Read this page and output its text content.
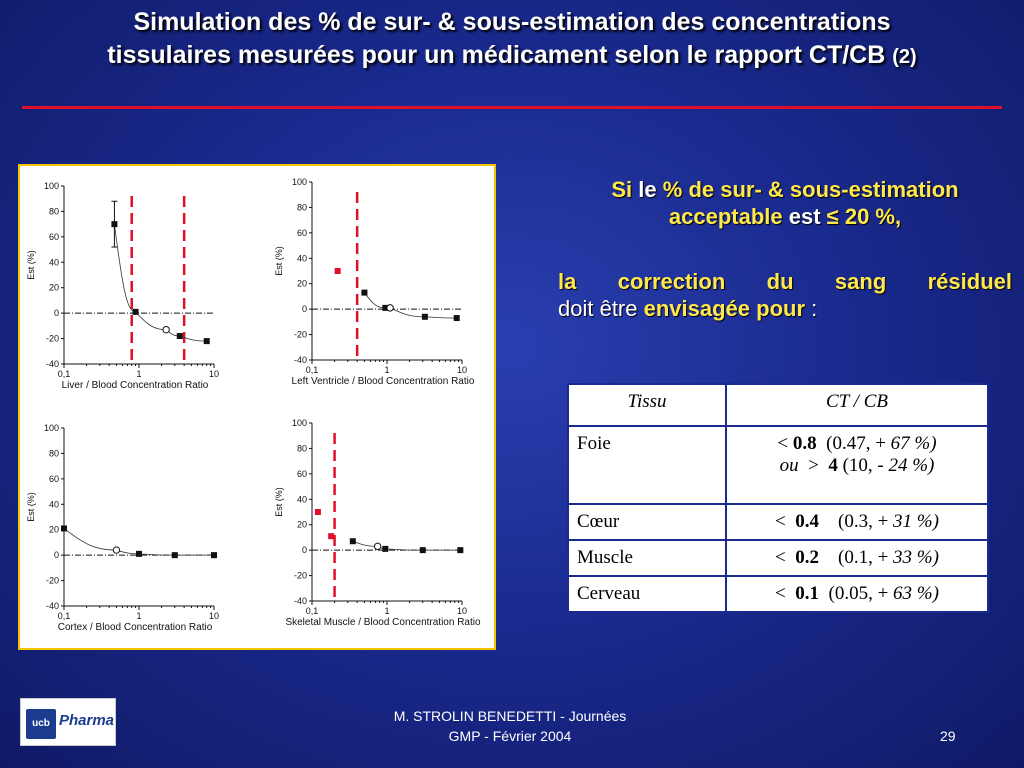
Simulation des % de sur- & sous-estimation des concentrations
tissulaires mesurées pour un médicament selon le rapport CT/CB (2)
100
80
60
40
20
0
-20
-40
0,1	1	10
Liver / Blood Concentration Ratio
Est (%)
100
80
60
40
20
0
-20
-40
0,1	1	10
Left Ventricle / Blood Concentration Ratio
Est (%)
100
80
60
40
20
0
-20
-40
0,1	1	10
Cortex / Blood Concentration Ratio
Est (%)
100
80
60
40
20
0
-20
-40
0,1	1	10
Skeletal Muscle / Blood Concentration Ratio
Est (%)
Si le % de sur- & sous-estimation acceptable est ≤ 20 %,
la correction du sang résiduel
doit être envisagée pour :
Tissu	CT / CB
Foie	< 0.8 (0.47, + 67 %)
ou > 4 (10, - 24 %)

Cœur	< 0.4 (0.3, + 31 %)
Muscle	< 0.2 (0.1, + 33 %)
Cerveau	< 0.1 (0.05, + 63 %)
ucb Pharma	M. STROLIN BENEDETTI - Journées
GMP - Février 2004	29
